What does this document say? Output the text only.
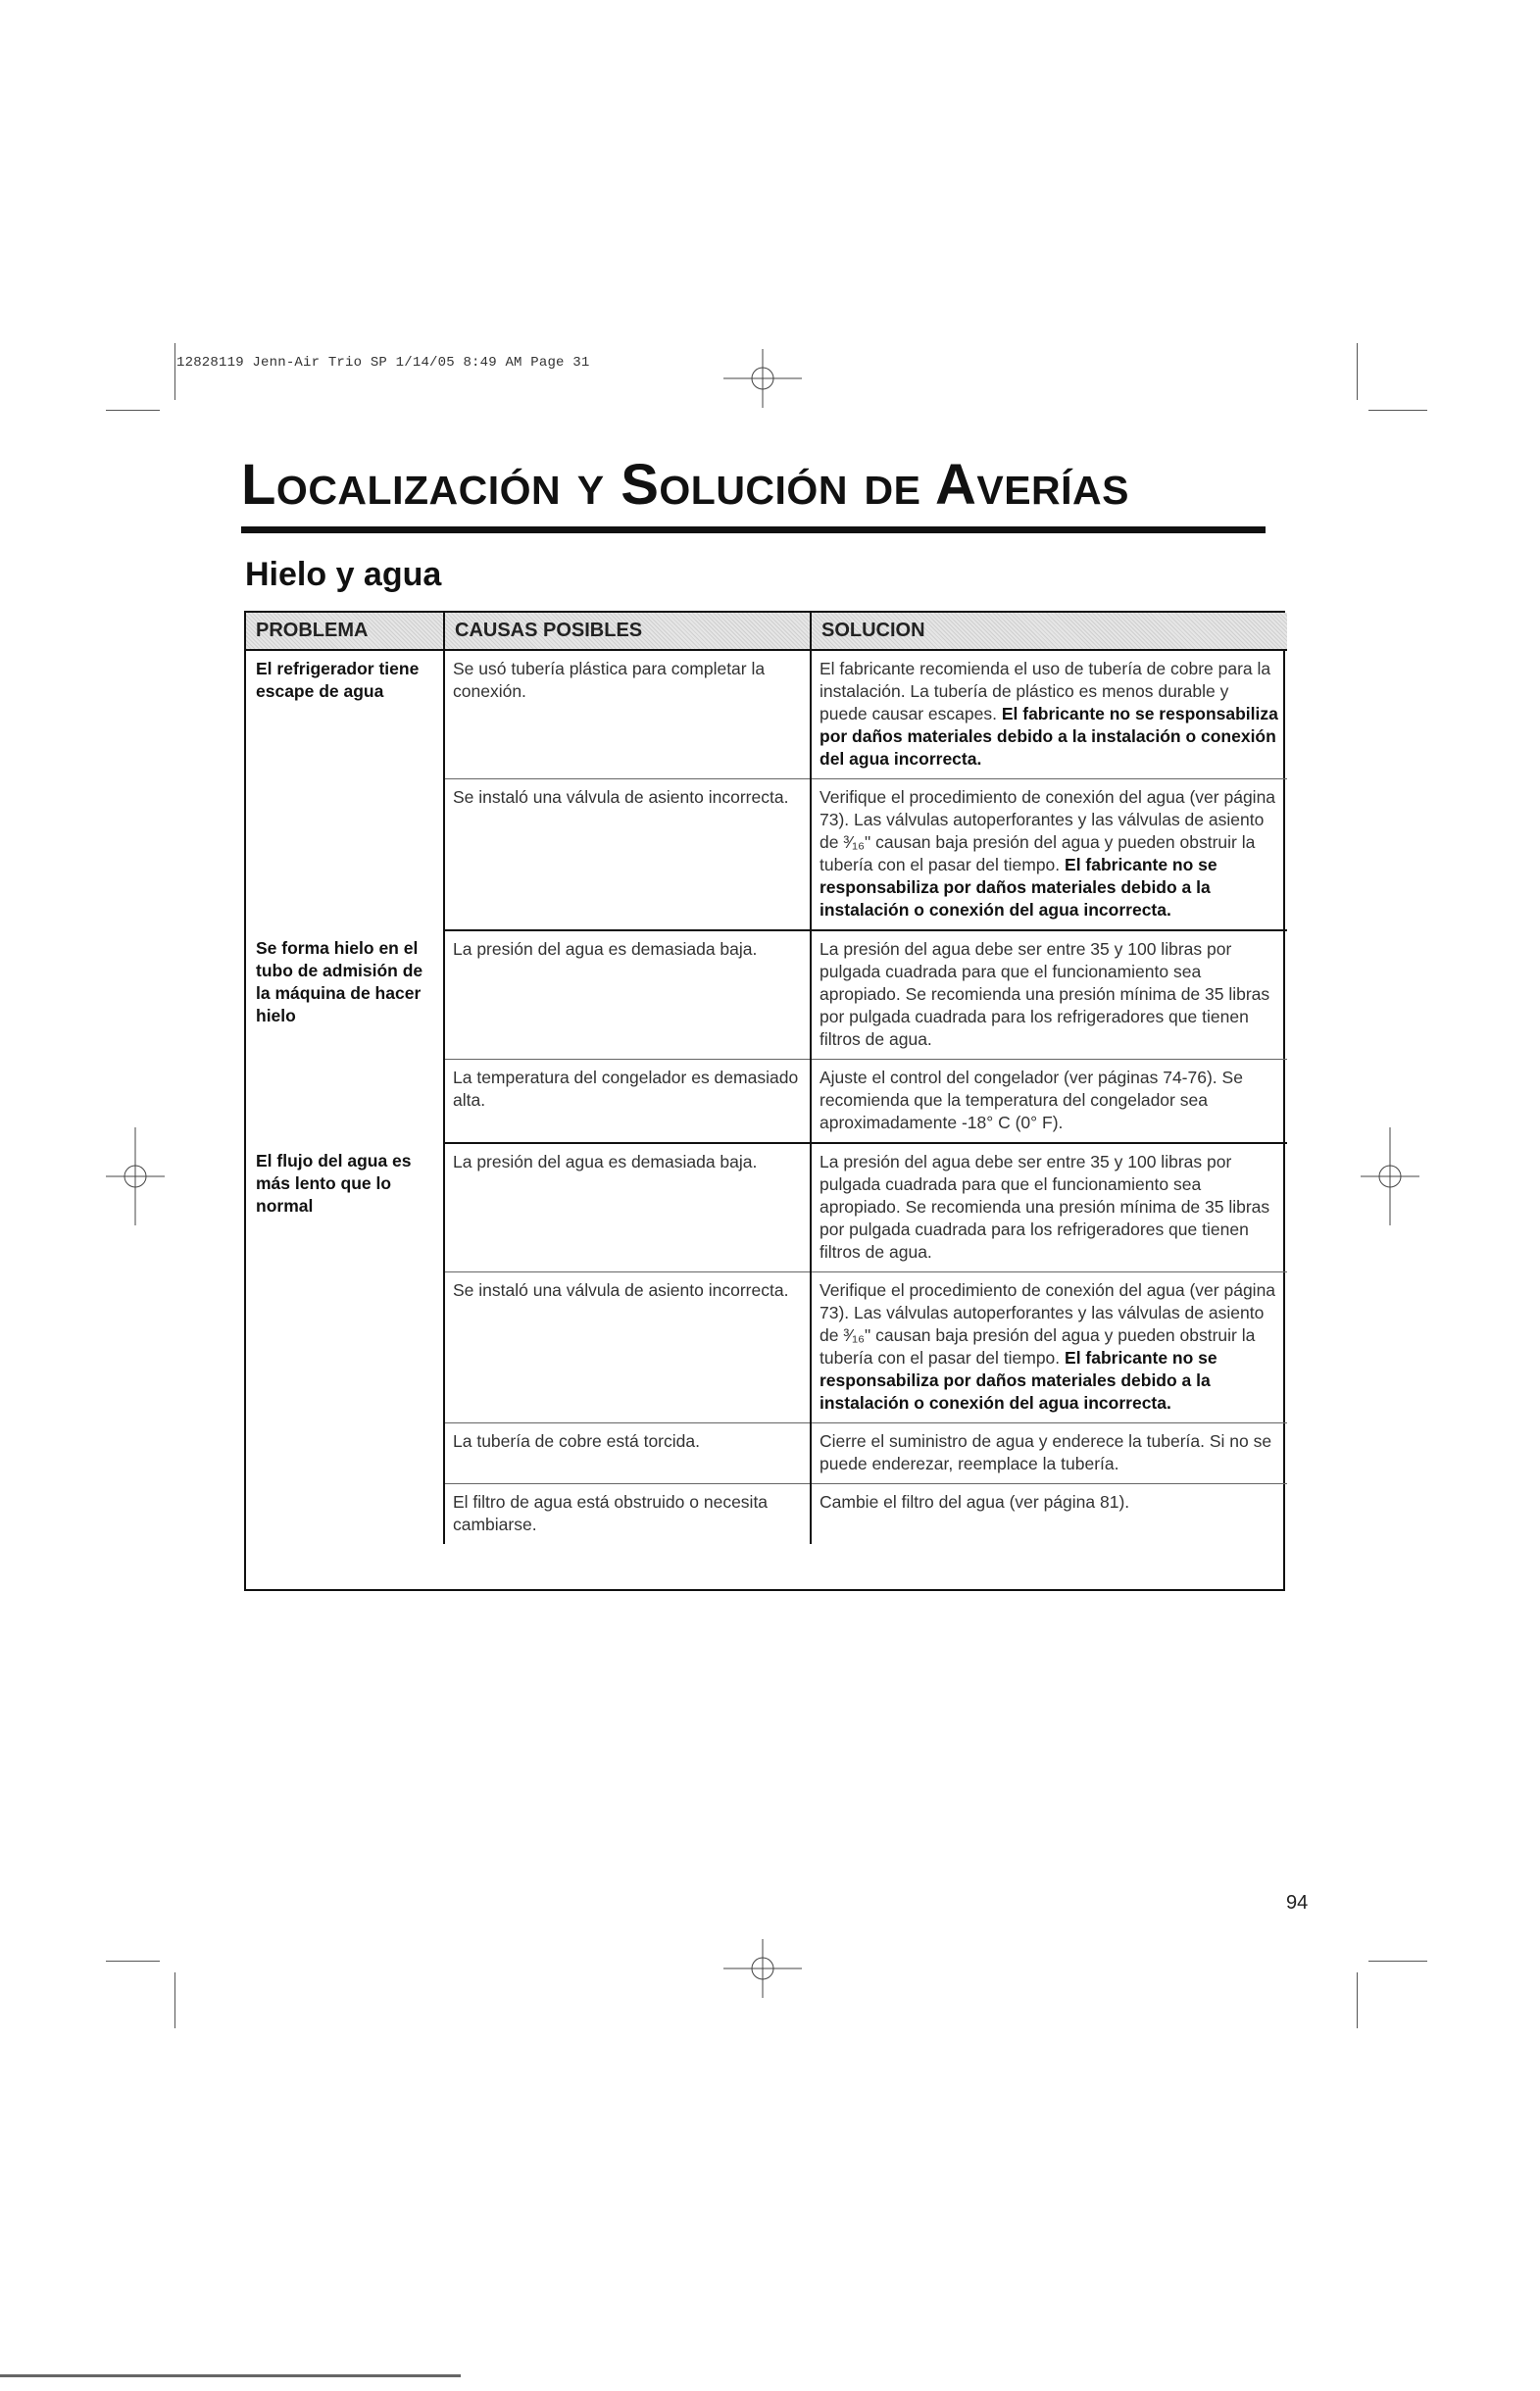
12828119 Jenn-Air Trio SP 1/14/05 8:49 AM Page 31
Localización y Solución de Averías
Hielo y agua
PROBLEMA	CAUSAS POSIBLES	SOLUCION
El refrigerador tiene escape de agua	Se usó tubería plástica para completar la conexión.	El fabricante recomienda el uso de tubería de cobre para la instalación. La tubería de plástico es menos durable y puede causar escapes. El fabricante no se responsabiliza por daños materiales debido a la instalación o conexión del agua incorrecta.
	Se instaló una válvula de asiento incorrecta.	Verifique el procedimiento de conexión del agua (ver página 73). Las válvulas autoperforantes y las válvulas de asiento de ³⁄₁₆" causan baja presión del agua y pueden obstruir la tubería con el pasar del tiempo. El fabricante no se responsabiliza por daños materiales debido a la instalación o conexión del agua incorrecta.
Se forma hielo en el tubo de admisión de la máquina de hacer hielo	La presión del agua es demasiada baja.	La presión del agua debe ser entre 35 y 100 libras por pulgada cuadrada para que el funcionamiento sea apropiado. Se recomienda una presión mínima de 35 libras por pulgada cuadrada para los refrigeradores que tienen filtros de agua.
	La temperatura del congelador es demasiado alta.	Ajuste el control del congelador (ver páginas 74-76). Se recomienda que la temperatura del congelador sea aproximadamente -18° C (0° F).
El flujo del agua es más lento que lo normal	La presión del agua es demasiada baja.	La presión del agua debe ser entre 35 y 100 libras por pulgada cuadrada para que el funcionamiento sea apropiado. Se recomienda una presión mínima de 35 libras por pulgada cuadrada para los refrigeradores que tienen filtros de agua.
	Se instaló una válvula de asiento incorrecta.	Verifique el procedimiento de conexión del agua (ver página 73). Las válvulas autoperforantes y las válvulas de asiento de ³⁄₁₆" causan baja presión del agua y pueden obstruir la tubería con el pasar del tiempo. El fabricante no se responsabiliza por daños materiales debido a la instalación o conexión del agua incorrecta.
	La tubería de cobre está torcida.	Cierre el suministro de agua y enderece la tubería. Si no se puede enderezar, reemplace la tubería.
	El filtro de agua está obstruido o necesita cambiarse.	Cambie el filtro del agua (ver página 81).
94
